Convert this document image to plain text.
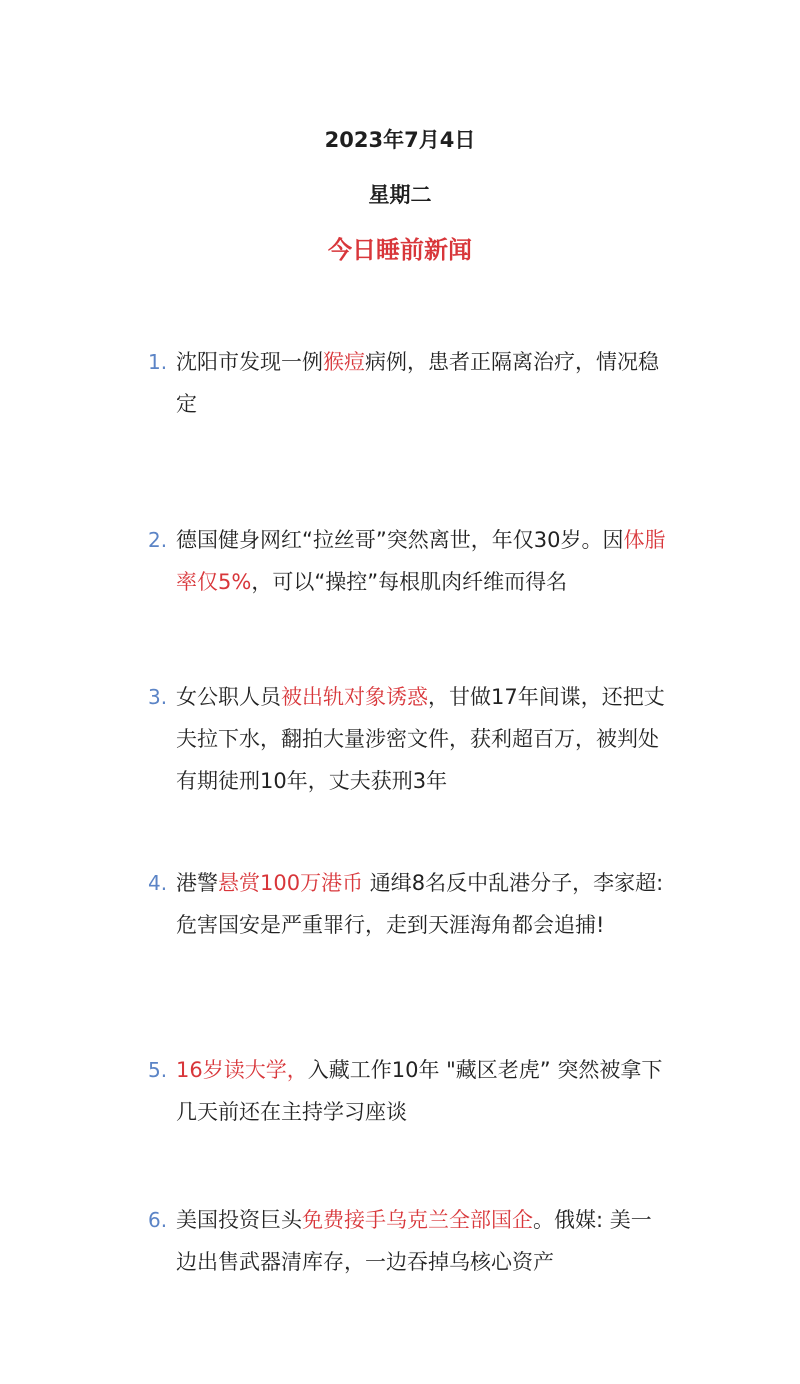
2023年7月4日
星期二
今日睡前新闻
1. 沈阳市发现一例猴痘病例，患者正隔离治疗，情况稳定
2. 德国健身网红“拉丝哥”突然离世，年仅30岁。因体脂率仅5%，可以“操控”每根肌肉纤维而得名
3. 女公职人员被出轨对象诱惑，甘做17年间谍，还把丈夫拉下水，翻拍大量涉密文件，获利超百万，被判处有期徒刑10年，丈夫获刑3年
4. 港警悬赏100万港币 通缉8名反中乱港分子，李家超: 危害国安是严重罪行，走到天涯海角都会追捕!
5. 16岁读大学，入藏工作10年 "藏区老虎” 突然被拿下几天前还在主持学习座谈
6. 美国投资巨头免费接手乌克兰全部国企。俄媒: 美一边出售武器清库存，一边吞掉乌核心资产
